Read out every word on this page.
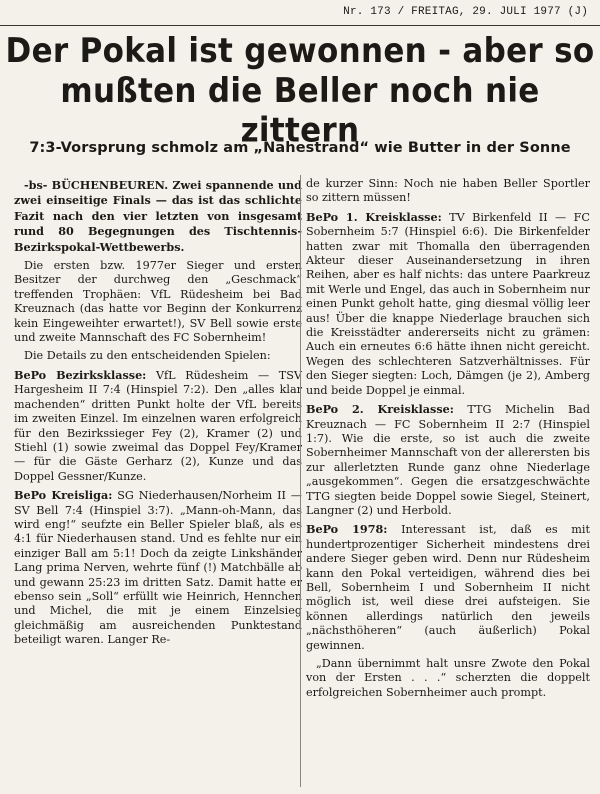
Nr. 173 / FREITAG, 29. JULI 1977 (J)
Der Pokal ist gewonnen - aber so
mußten die Beller noch nie zittern
7:3-Vorsprung schmolz am „Nahestrand“ wie Butter in der Sonne

-bs- BÜCHENBEUREN. Zwei spannende und zwei einseitige Finals — das ist das schlichte Fazit nach den vier letzten von insgesamt rund 80 Begegnungen des Tischtennis-Bezirkspokal-Wettbewerbs.

Die ersten bzw. 1977er Sieger und ersten Besitzer der durchweg den „Geschmack“ treffenden Trophäen: VfL Rüdesheim bei Bad Kreuznach (das hatte vor Beginn der Konkurrenz kein Eingeweihter erwartet!), SV Bell sowie erste und zweite Mannschaft des FC Sobernheim!

Die Details zu den entscheidenden Spielen:

BePo Bezirksklasse: VfL Rüdesheim — TSV Hargesheim II 7:4 (Hinspiel 7:2). Den „alles klar machenden“ dritten Punkt holte der VfL bereits im zweiten Einzel. Im einzelnen waren erfolgreich für den Bezirkssieger Fey (2), Kramer (2) und Stiehl (1) sowie zweimal das Doppel Fey/Kramer — für die Gäste Gerharz (2), Kunze und das Doppel Gessner/Kunze.

BePo Kreisliga: SG Niederhausen/Norheim II — SV Bell 7:4 (Hinspiel 3:7). „Mann-oh-Mann, das wird eng!“ seufzte ein Beller Spieler blaß, als es 4:1 für Niederhausen stand. Und es fehlte nur ein einziger Ball am 5:1! Doch da zeigte Linkshänder Lang prima Nerven, wehrte fünf (!) Matchbälle ab und gewann 25:23 im dritten Satz. Damit hatte er ebenso sein „Soll“ erfüllt wie Heinrich, Hennchen und Michel, die mit je einem Einzelsieg gleichmäßig am ausreichenden Punktestand beteiligt waren. Langer Re-

de kurzer Sinn: Noch nie haben Beller Sportler so zittern müssen!

BePo 1. Kreisklasse: TV Birkenfeld II — FC Sobernheim 5:7 (Hinspiel 6:6). Die Birkenfelder hatten zwar mit Thomalla den überragenden Akteur dieser Auseinandersetzung in ihren Reihen, aber es half nichts: das untere Paarkreuz mit Werle und Engel, das auch in Sobernheim nur einen Punkt geholt hatte, ging diesmal völlig leer aus! Über die knappe Niederlage brauchen sich die Kreisstädter andererseits nicht zu grämen: Auch ein erneutes 6:6 hätte ihnen nicht gereicht. Wegen des schlechteren Satzverhältnisses. Für den Sieger siegten: Loch, Dämgen (je 2), Amberg und beide Doppel je einmal.

BePo 2. Kreisklasse: TTG Michelin Bad Kreuznach — FC Sobernheim II 2:7 (Hinspiel 1:7). Wie die erste, so ist auch die zweite Sobernheimer Mannschaft von der allerersten bis zur allerletzten Runde ganz ohne Niederlage „ausgekommen“. Gegen die ersatzgeschwächte TTG siegten beide Doppel sowie Siegel, Steinert, Langner (2) und Herbold.

BePo 1978: Interessant ist, daß es mit hundertprozentiger Sicherheit mindestens drei andere Sieger geben wird. Denn nur Rüdesheim kann den Pokal verteidigen, während dies bei Bell, Sobernheim I und Sobernheim II nicht möglich ist, weil diese drei aufsteigen. Sie können allerdings natürlich den jeweils „nächsthöheren“ (auch äußerlich) Pokal gewinnen.

„Dann übernimmt halt unsre Zwote den Pokal von der Ersten . . .“ scherzten die doppelt erfolgreichen Sobernheimer auch prompt.
